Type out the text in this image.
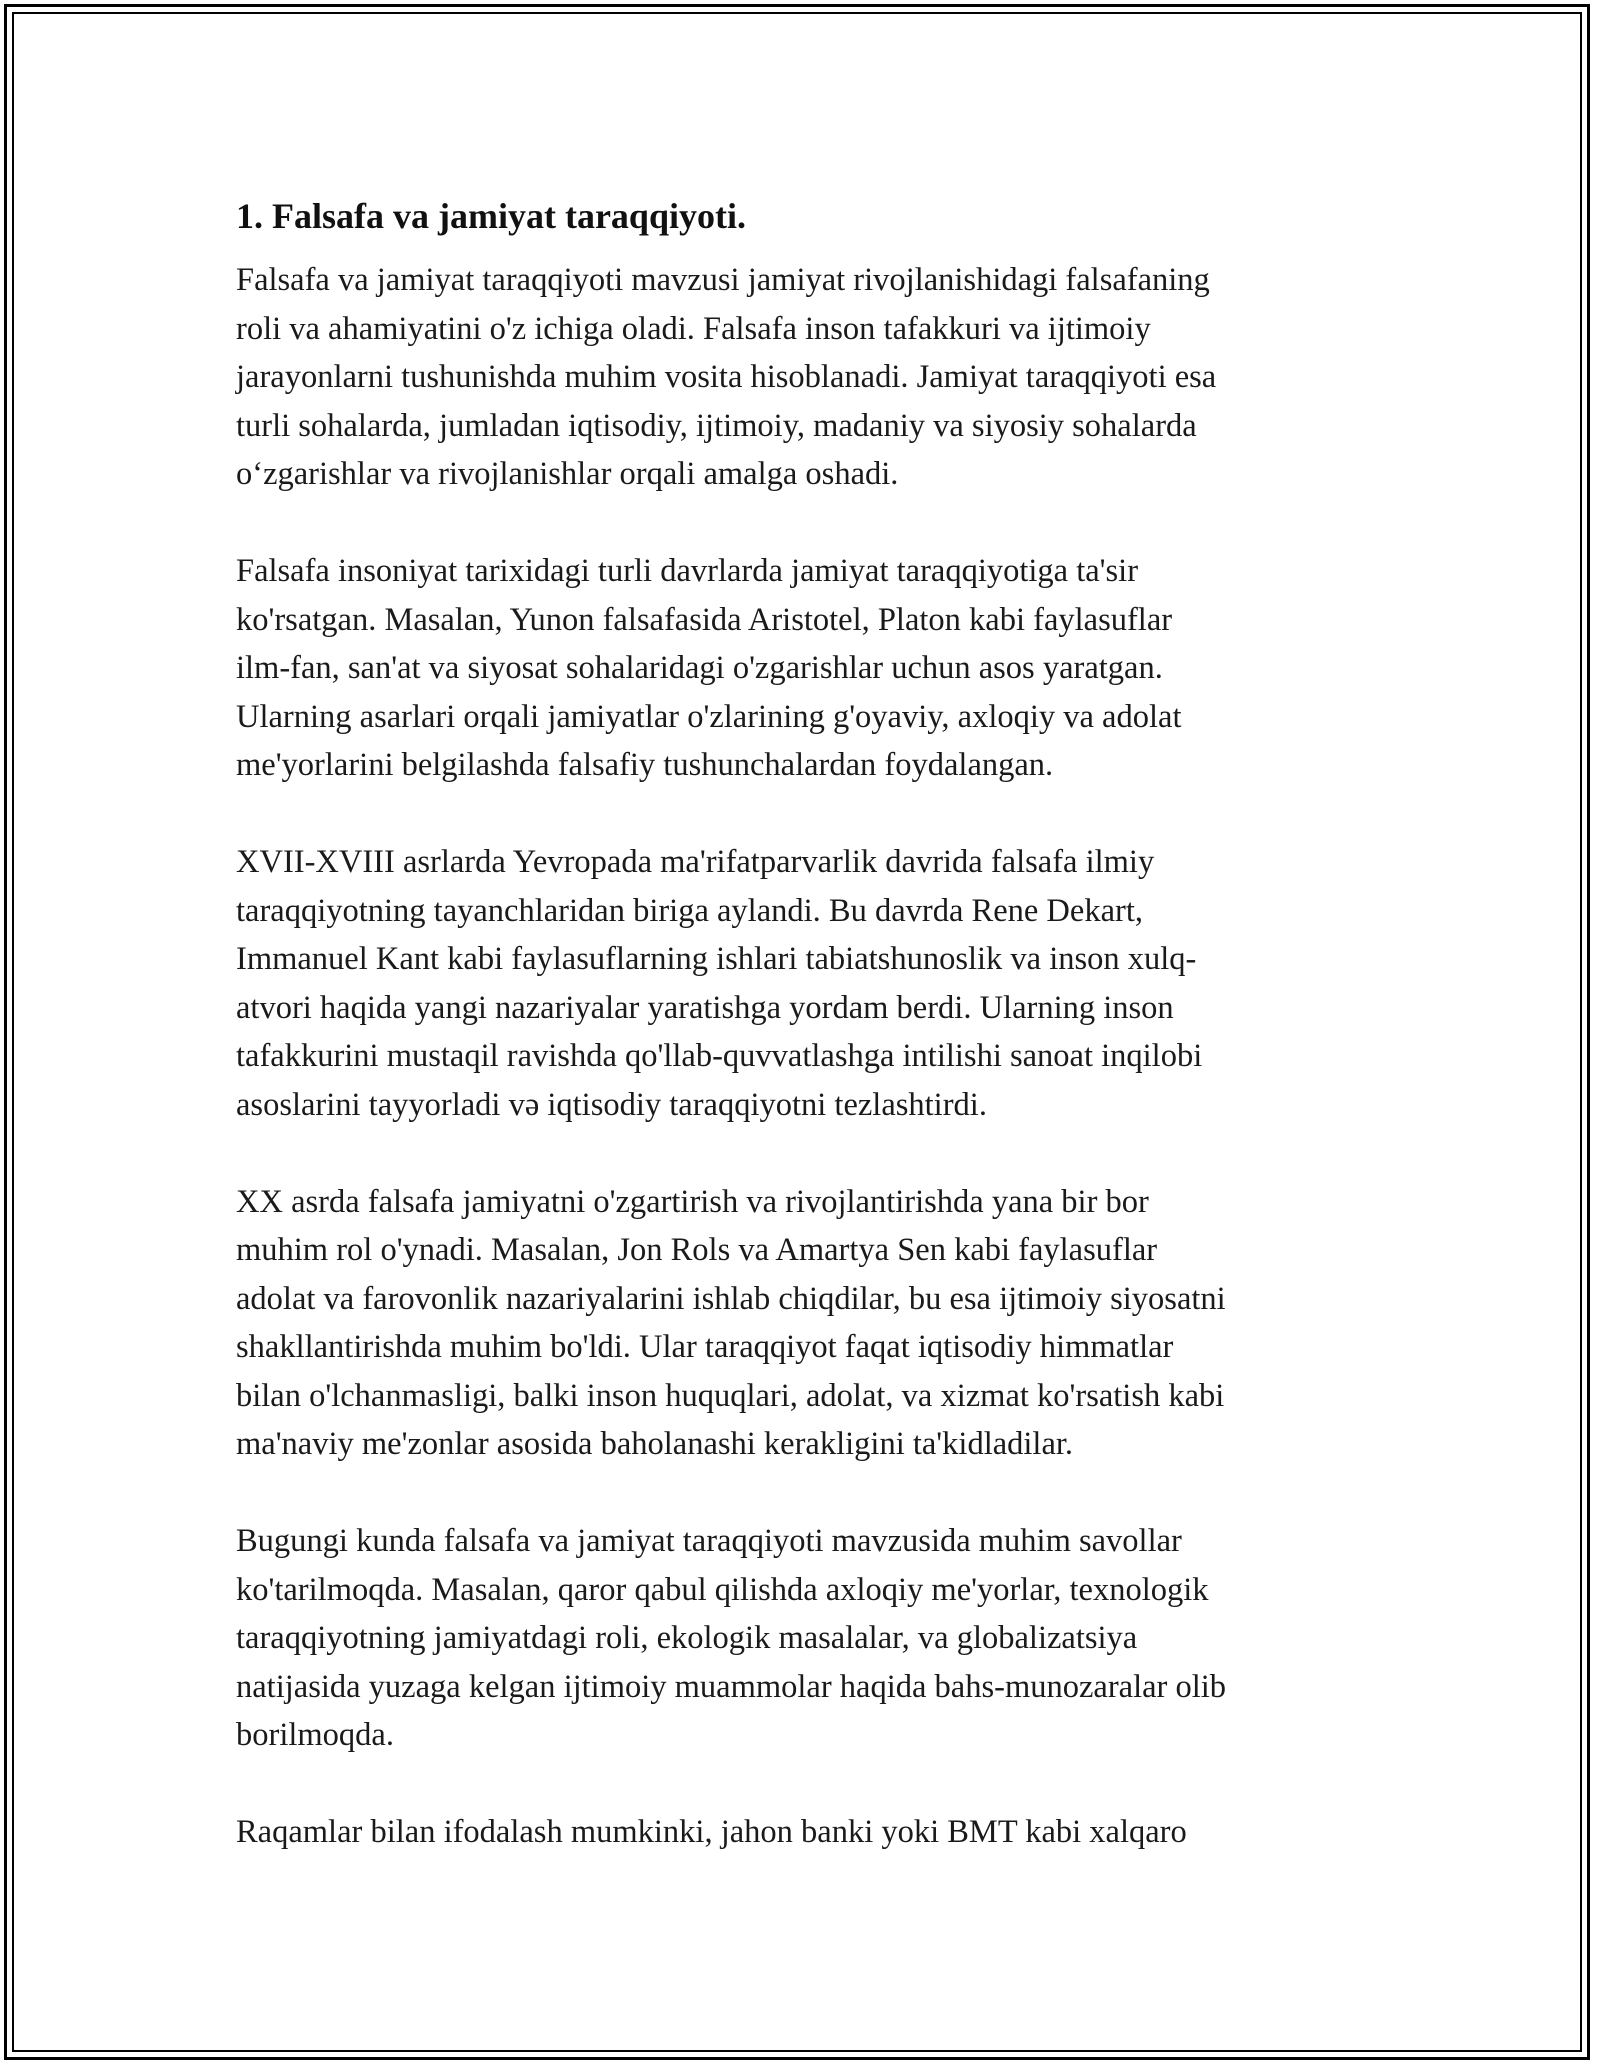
1. Falsafa va jamiyat taraqqiyoti.
Falsafa va jamiyat taraqqiyoti mavzusi jamiyat rivojlanishidagi falsafaning
roli va ahamiyatini o'z ichiga oladi. Falsafa inson tafakkuri va ijtimoiy
jarayonlarni tushunishda muhim vosita hisoblanadi. Jamiyat taraqqiyoti esa
turli sohalarda, jumladan iqtisodiy, ijtimoiy, madaniy va siyosiy sohalarda
o‘zgarishlar va rivojlanishlar orqali amalga oshadi.
Falsafa insoniyat tarixidagi turli davrlarda jamiyat taraqqiyotiga ta'sir
ko'rsatgan. Masalan, Yunon falsafasida Aristotel, Platon kabi faylasuflar
ilm-fan, san'at va siyosat sohalaridagi o'zgarishlar uchun asos yaratgan.
Ularning asarlari orqali jamiyatlar o'zlarining g'oyaviy, axloqiy va adolat
me'yorlarini belgilashda falsafiy tushunchalardan foydalangan.
XVII-XVIII asrlarda Yevropada ma'rifatparvarlik davrida falsafa ilmiy
taraqqiyotning tayanchlaridan biriga aylandi. Bu davrda Rene Dekart,
Immanuel Kant kabi faylasuflarning ishlari tabiatshunoslik va inson xulq-
atvori haqida yangi nazariyalar yaratishga yordam berdi. Ularning inson
tafakkurini mustaqil ravishda qo'llab-quvvatlashga intilishi sanoat inqilobi
asoslarini tayyorladi və iqtisodiy taraqqiyotni tezlashtirdi.
XX asrda falsafa jamiyatni o'zgartirish va rivojlantirishda yana bir bor
muhim rol o'ynadi. Masalan, Jon Rols va Amartya Sen kabi faylasuflar
adolat va farovonlik nazariyalarini ishlab chiqdilar, bu esa ijtimoiy siyosatni
shakllantirishda muhim bo'ldi. Ular taraqqiyot faqat iqtisodiy himmatlar
bilan o'lchanmasligi, balki inson huquqlari, adolat, va xizmat ko'rsatish kabi
ma'naviy me'zonlar asosida baholanashi kerakligini ta'kidladilar.
Bugungi kunda falsafa va jamiyat taraqqiyoti mavzusida muhim savollar
ko'tarilmoqda. Masalan, qaror qabul qilishda axloqiy me'yorlar, texnologik
taraqqiyotning jamiyatdagi roli, ekologik masalalar, va globalizatsiya
natijasida yuzaga kelgan ijtimoiy muammolar haqida bahs-munozaralar olib
borilmoqda.
Raqamlar bilan ifodalash mumkinki, jahon banki yoki BMT kabi xalqaro
